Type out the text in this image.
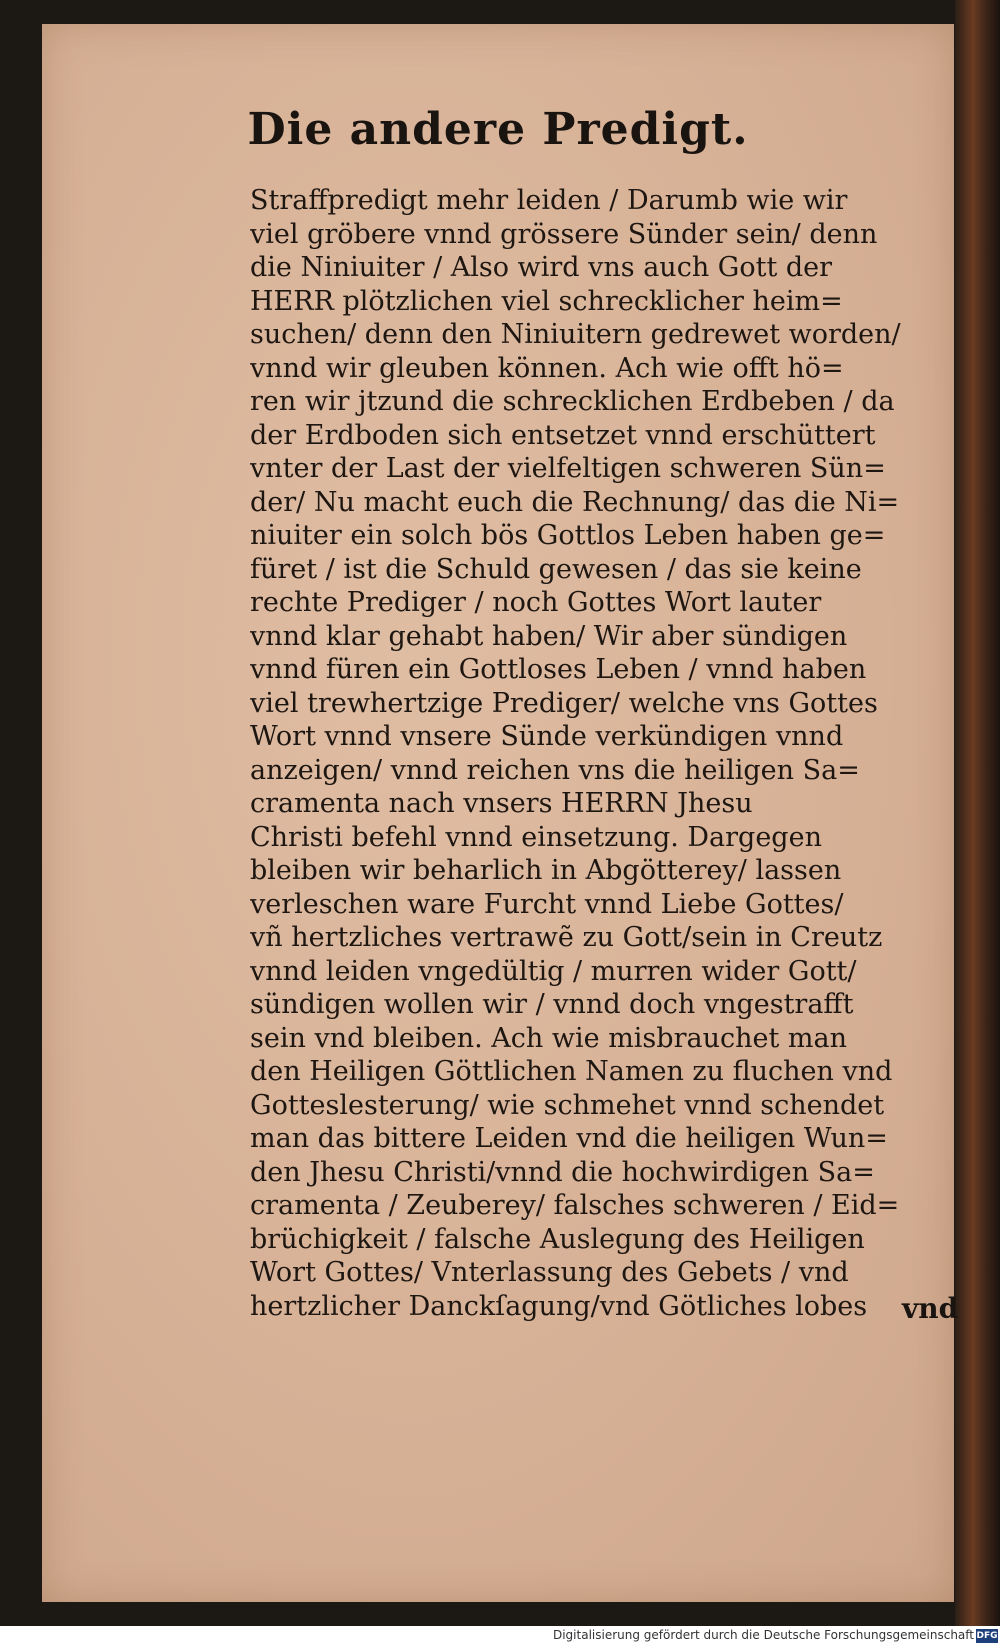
Die andere Predigt.
Straffpredigt mehr leiden / Darumb wie wir
viel gröbere vnnd grössere Sünder sein/ denn
die Niniuiter / Also wird vns auch Gott der
HERR plötzlichen viel schrecklicher heim=
suchen/ denn den Niniuitern gedrewet worden/
vnnd wir gleuben können. Ach wie offt hö=
ren wir jtzund die schrecklichen Erdbeben / da
der Erdboden sich entsetzet vnnd erschüttert
vnter der Last der vielfeltigen schweren Sün=
der/ Nu macht euch die Rechnung/ das die Ni=
niuiter ein solch bös Gottlos Leben haben ge=
füret / ist die Schuld gewesen / das sie keine
rechte Prediger / noch Gottes Wort lauter
vnnd klar gehabt haben/ Wir aber sündigen
vnnd füren ein Gottloses Leben / vnnd haben
viel trewhertzige Prediger/ welche vns Gottes
Wort vnnd vnsere Sünde verkündigen vnnd
anzeigen/ vnnd reichen vns die heiligen Sa=
cramenta nach vnsers HERRN Jhesu
Christi befehl vnnd einsetzung. Dargegen
bleiben wir beharlich in Abgötterey/ lassen
verleschen ware Furcht vnnd Liebe Gottes/
vñ hertzliches vertrawẽ zu Gott/sein in Creutz
vnnd leiden vngedültig / murren wider Gott/
sündigen wollen wir / vnnd doch vngestrafft
sein vnd bleiben. Ach wie misbrauchet man
den Heiligen Göttlichen Namen zu fluchen vnd
Gotteslesterung/ wie schmehet vnnd schendet
man das bittere Leiden vnd die heiligen Wun=
den Jhesu Christi/vnnd die hochwirdigen Sa=
cramenta / Zeuberey/ falsches schweren / Eid=
brüchigkeit / falsche Auslegung des Heiligen
Wort Gottes/ Vnterlassung des Gebets / vnd
hertzlicher Danckſagung/vnd Götliches lobes	vnd
Digitalisierung gefördert durch die Deutsche Forschungsgemeinschaft DFG
